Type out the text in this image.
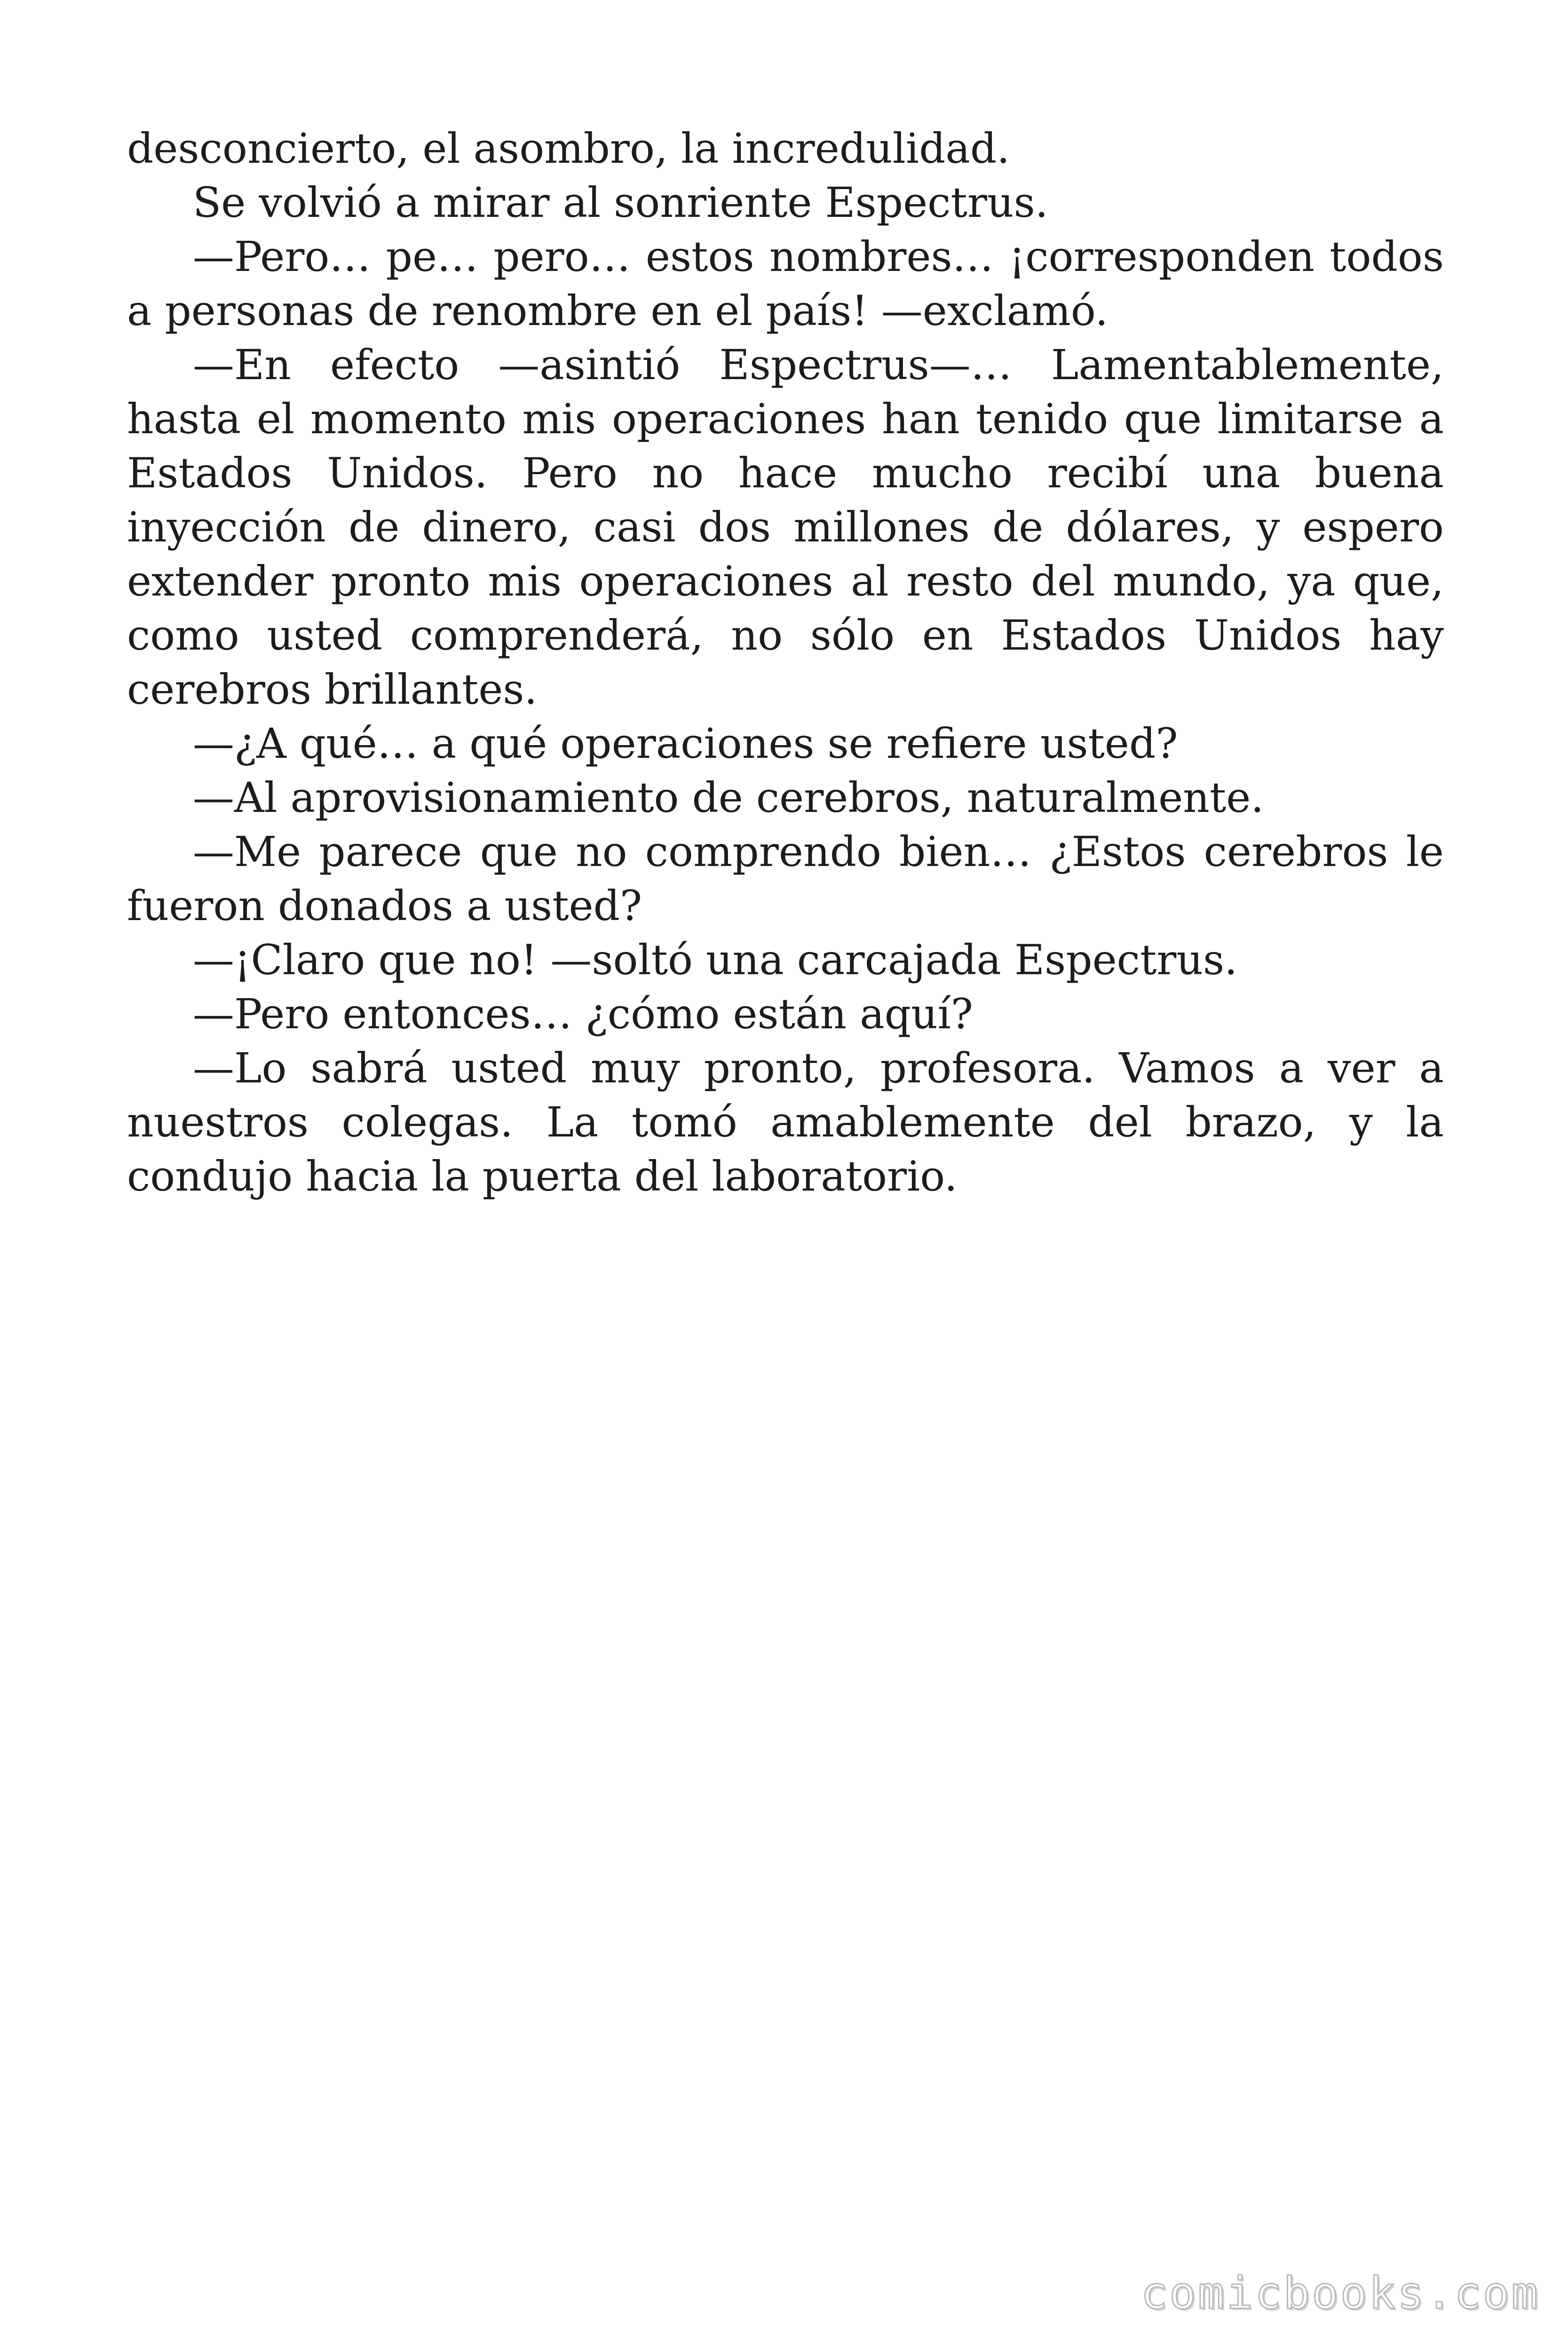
desconcierto, el asombro, la incredulidad.

Se volvió a mirar al sonriente Espectrus.

—Pero… pe… pero… estos nombres… ¡corresponden todos a personas de renombre en el país! —exclamó.

—En efecto —asintió Espectrus—… Lamentablemente, hasta el momento mis operaciones han tenido que limitarse a Estados Unidos. Pero no hace mucho recibí una buena inyección de dinero, casi dos millones de dólares, y espero extender pronto mis operaciones al resto del mundo, ya que, como usted comprenderá, no sólo en Estados Unidos hay cerebros brillantes.

—¿A qué… a qué operaciones se refiere usted?

—Al aprovisionamiento de cerebros, naturalmente.

—Me parece que no comprendo bien… ¿Estos cerebros le fueron donados a usted?

—¡Claro que no! —soltó una carcajada Espectrus.

—Pero entonces… ¿cómo están aquí?

—Lo sabrá usted muy pronto, profesora. Vamos a ver a nuestros colegas. La tomó amablemente del brazo, y la condujo hacia la puerta del laboratorio.

comicbooks.com
